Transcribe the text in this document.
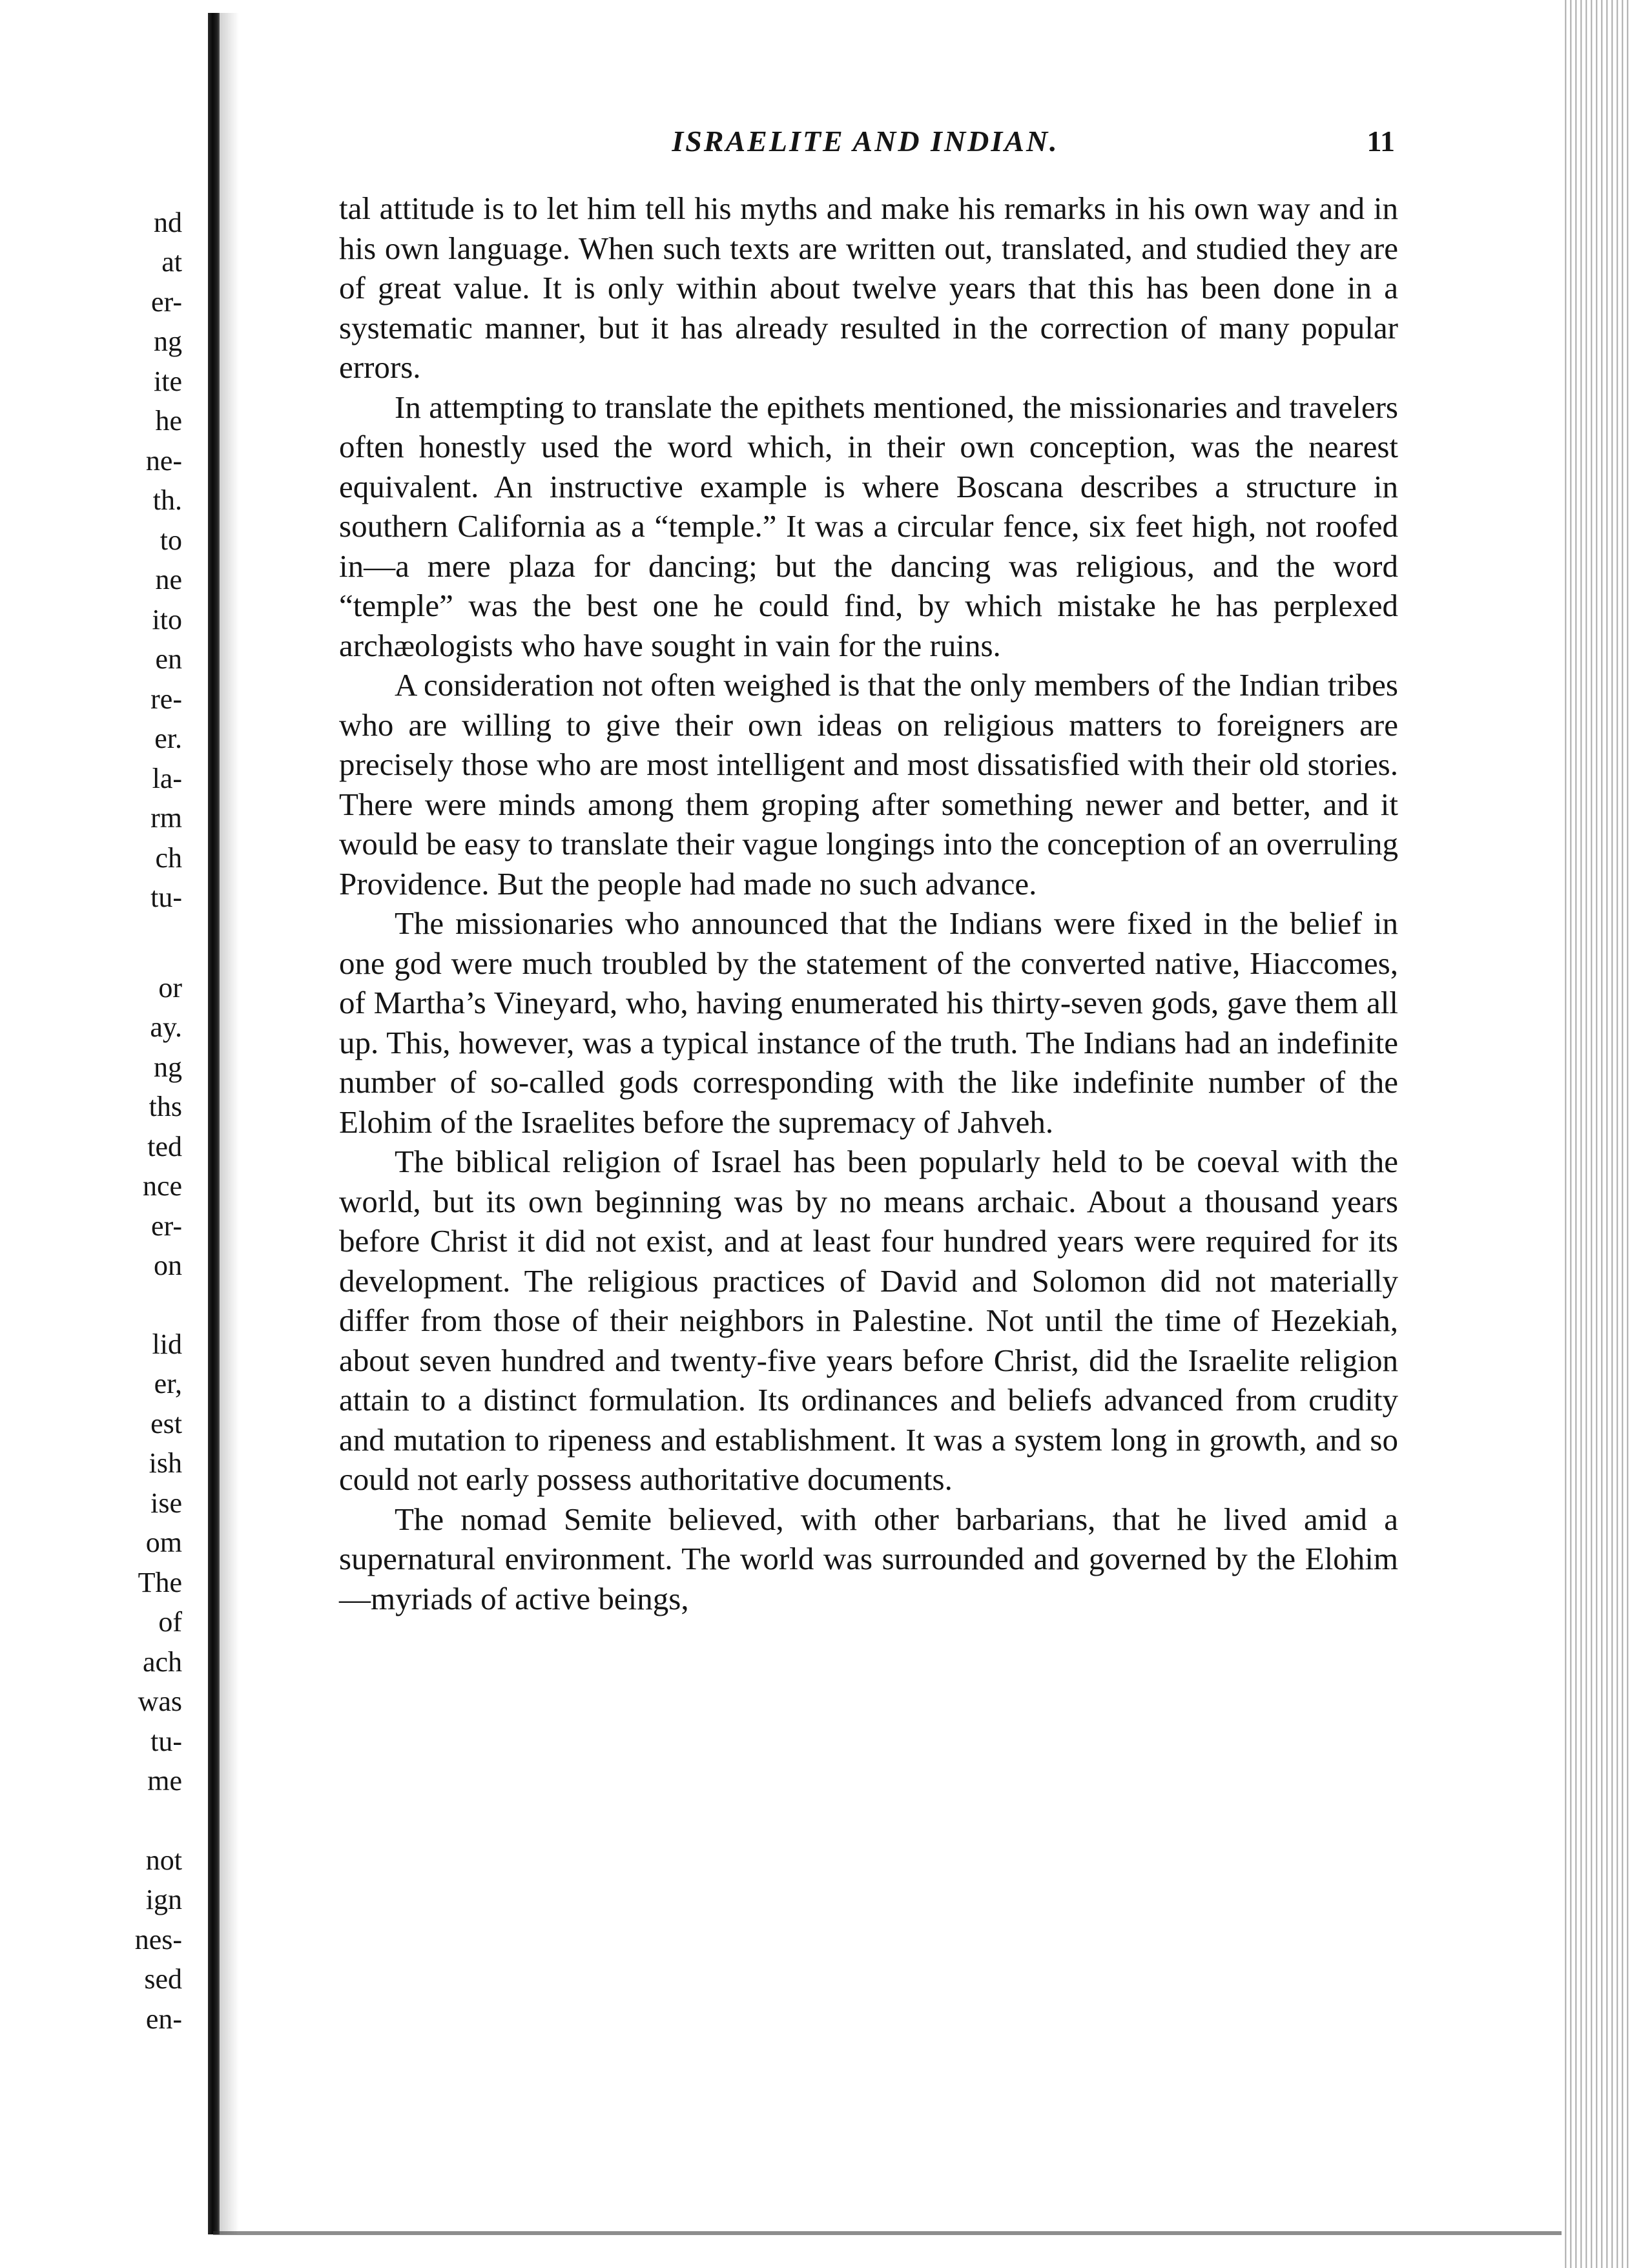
nd
at
er-
ng
ite
he
ne-
th.
to
ne
ito
en
re-
er.
la-
rm
ch
tu-
or
ay.
ng
ths
ted
nce
er-
on
lid
er,
est
ish
ise
om
The
of
ach
was
tu-
me
not
ign
nes-
sed
en-
ISRAELITE AND INDIAN.	11

tal attitude is to let him tell his myths and make his remarks in his own way and in his own language. When such texts are written out, translated, and studied they are of great value. It is only within about twelve years that this has been done in a systematic manner, but it has already resulted in the correction of many popular errors.

In attempting to translate the epithets mentioned, the missionaries and travelers often honestly used the word which, in their own conception, was the nearest equivalent. An instructive example is where Boscana describes a structure in southern California as a “temple.” It was a circular fence, six feet high, not roofed in—a mere plaza for dancing; but the dancing was religious, and the word “temple” was the best one he could find, by which mistake he has perplexed archæologists who have sought in vain for the ruins.

A consideration not often weighed is that the only members of the Indian tribes who are willing to give their own ideas on religious matters to foreigners are precisely those who are most intelligent and most dissatisfied with their old stories. There were minds among them groping after something newer and better, and it would be easy to translate their vague longings into the conception of an overruling Providence. But the people had made no such advance.

The missionaries who announced that the Indians were fixed in the belief in one god were much troubled by the statement of the converted native, Hiaccomes, of Martha’s Vineyard, who, having enumerated his thirty-seven gods, gave them all up. This, however, was a typical instance of the truth. The Indians had an indefinite number of so-called gods corresponding with the like indefinite number of the Elohim of the Israelites before the supremacy of Jahveh.

The biblical religion of Israel has been popularly held to be coeval with the world, but its own beginning was by no means archaic. About a thousand years before Christ it did not exist, and at least four hundred years were required for its development. The religious practices of David and Solomon did not materially differ from those of their neighbors in Palestine. Not until the time of Hezekiah, about seven hundred and twenty-five years before Christ, did the Israelite religion attain to a distinct formulation. Its ordinances and beliefs advanced from crudity and mutation to ripeness and establishment. It was a system long in growth, and so could not early possess authoritative documents.

The nomad Semite believed, with other barbarians, that he lived amid a supernatural environment. The world was surrounded and governed by the Elohim—myriads of active beings,
